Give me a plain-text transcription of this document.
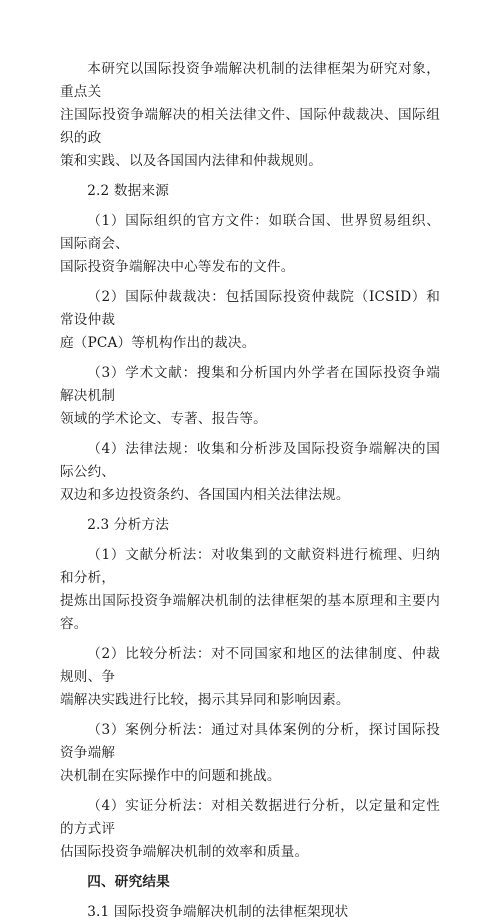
本研究以国际投资争端解决机制的法律框架为研究对象，重点关
注国际投资争端解决的相关法律文件、国际仲裁裁决、国际组织的政
策和实践、以及各国国内法律和仲裁规则。

2.2 数据来源

（1）国际组织的官方文件：如联合国、世界贸易组织、国际商会、
国际投资争端解决中心等发布的文件。

（2）国际仲裁裁决：包括国际投资仲裁院（ICSID）和常设仲裁
庭（PCA）等机构作出的裁决。

（3）学术文献：搜集和分析国内外学者在国际投资争端解决机制
领域的学术论文、专著、报告等。

（4）法律法规：收集和分析涉及国际投资争端解决的国际公约、
双边和多边投资条约、各国国内相关法律法规。

2.3 分析方法

（1）文献分析法：对收集到的文献资料进行梳理、归纳和分析，
提炼出国际投资争端解决机制的法律框架的基本原理和主要内容。

（2）比较分析法：对不同国家和地区的法律制度、仲裁规则、争
端解决实践进行比较，揭示其异同和影响因素。

（3）案例分析法：通过对具体案例的分析，探讨国际投资争端解
决机制在实际操作中的问题和挑战。

（4）实证分析法：对相关数据进行分析，以定量和定性的方式评
估国际投资争端解决机制的效率和质量。

四、研究结果

3.1 国际投资争端解决机制的法律框架现状
